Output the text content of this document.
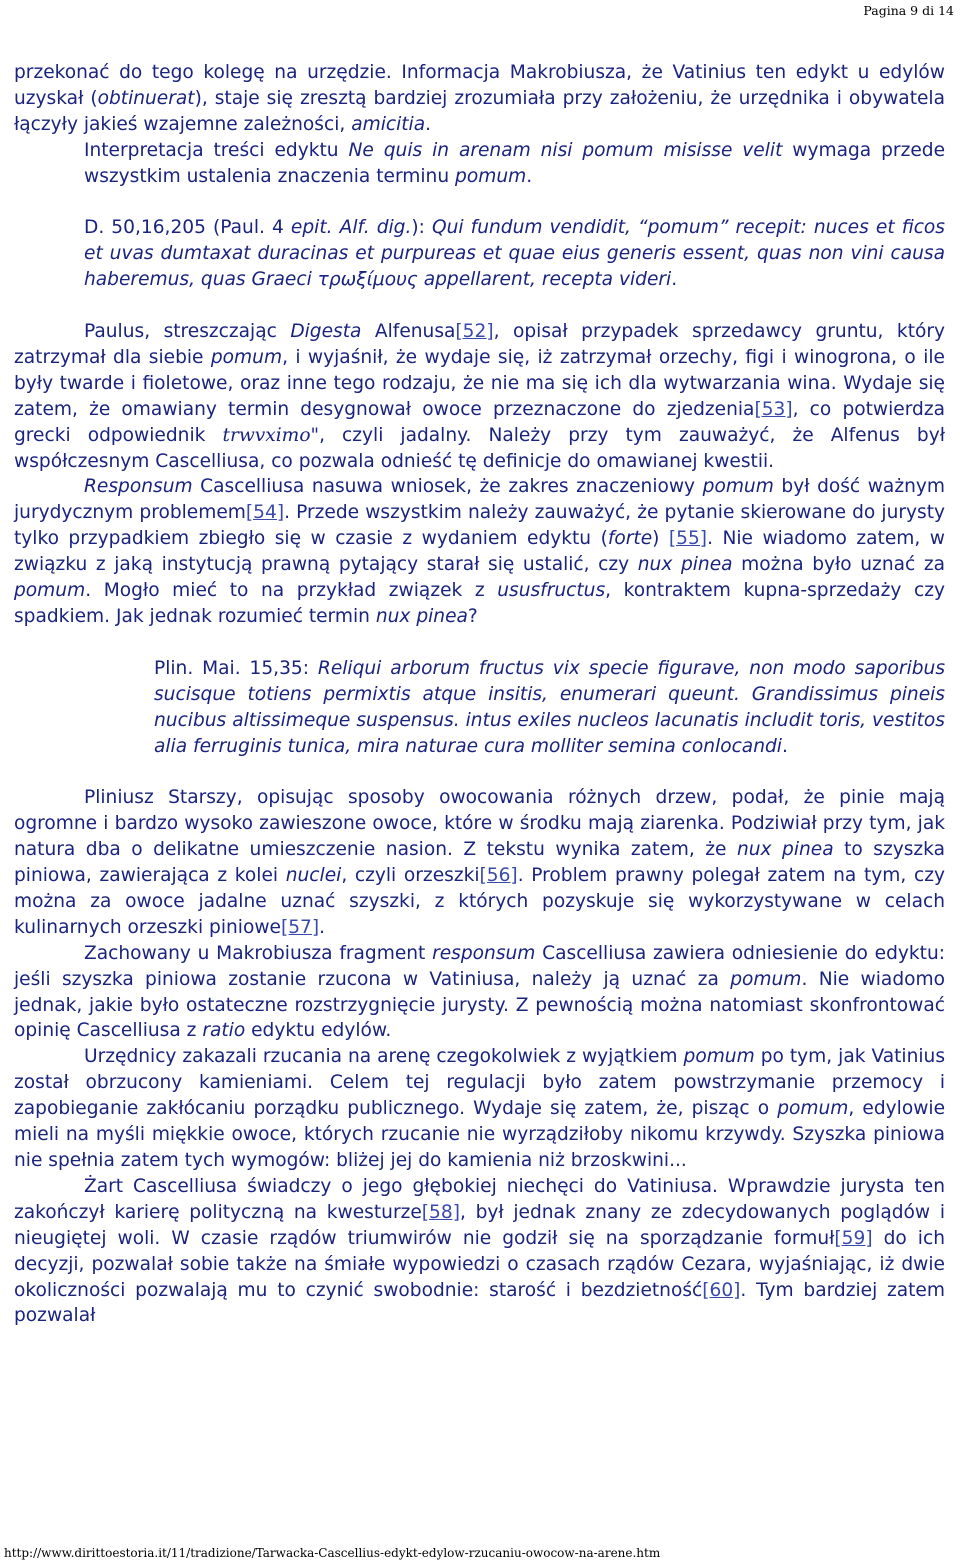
Pagina 9 di 14

przekonać do tego kolegę na urzędzie. Informacja Makrobiusza, że Vatinius ten edykt u edylów uzyskał (obtinuerat), staje się zresztą bardziej zrozumiała przy założeniu, że urzędnika i obywatela łączyły jakieś wzajemne zależności, amicitia.

Interpretacja treści edyktu Ne quis in arenam nisi pomum misisse velit wymaga przede wszystkim ustalenia znaczenia terminu pomum.

D. 50,16,205 (Paul. 4 epit. Alf. dig.): Qui fundum vendidit, “pomum” recepit: nuces et ficos et uvas dumtaxat duracinas et purpureas et quae eius generis essent, quas non vini causa haberemus, quas Graeci τρωξίμους appellarent, recepta videri.

Paulus, streszczając Digesta Alfenusa[52], opisał przypadek sprzedawcy gruntu, który zatrzymał dla siebie pomum, i wyjaśnił, że wydaje się, iż zatrzymał orzechy, figi i winogrona, o ile były twarde i fioletowe, oraz inne tego rodzaju, że nie ma się ich dla wytwarzania wina. Wydaje się zatem, że omawiany termin desygnował owoce przeznaczone do zjedzenia[53], co potwierdza grecki odpowiednik trwvximo", czyli jadalny. Należy przy tym zauważyć, że Alfenus był współczesnym Cascelliusa, co pozwala odnieść tę definicje do omawianej kwestii.

Responsum Cascelliusa nasuwa wniosek, że zakres znaczeniowy pomum był dość ważnym jurydycznym problemem[54]. Przede wszystkim należy zauważyć, że pytanie skierowane do jurysty tylko przypadkiem zbiegło się w czasie z wydaniem edyktu (forte) [55]. Nie wiadomo zatem, w związku z jaką instytucją prawną pytający starał się ustalić, czy nux pinea można było uznać za pomum. Mogło mieć to na przykład związek z ususfructus, kontraktem kupna-sprzedaży czy spadkiem. Jak jednak rozumieć termin nux pinea?

Plin. Mai. 15,35: Reliqui arborum fructus vix specie figurave, non modo saporibus sucisque totiens permixtis atque insitis, enumerari queunt. Grandissimus pineis nucibus altissimeque suspensus. intus exiles nucleos lacunatis includit toris, vestitos alia ferruginis tunica, mira naturae cura molliter semina conlocandi.

Pliniusz Starszy, opisując sposoby owocowania różnych drzew, podał, że pinie mają ogromne i bardzo wysoko zawieszone owoce, które w środku mają ziarenka. Podziwiał przy tym, jak natura dba o delikatne umieszczenie nasion. Z tekstu wynika zatem, że nux pinea to szyszka piniowa, zawierająca z kolei nuclei, czyli orzeszki[56]. Problem prawny polegał zatem na tym, czy można za owoce jadalne uznać szyszki, z których pozyskuje się wykorzystywane w celach kulinarnych orzeszki piniowe[57].

Zachowany u Makrobiusza fragment responsum Cascelliusa zawiera odniesienie do edyktu: jeśli szyszka piniowa zostanie rzucona w Vatiniusa, należy ją uznać za pomum. Nie wiadomo jednak, jakie było ostateczne rozstrzygnięcie jurysty. Z pewnością można natomiast skonfrontować opinię Cascelliusa z ratio edyktu edylów.

Urzędnicy zakazali rzucania na arenę czegokolwiek z wyjątkiem pomum po tym, jak Vatinius został obrzucony kamieniami. Celem tej regulacji było zatem powstrzymanie przemocy i zapobieganie zakłócaniu porządku publicznego. Wydaje się zatem, że, pisząc o pomum, edylowie mieli na myśli miękkie owoce, których rzucanie nie wyrządziłoby nikomu krzywdy. Szyszka piniowa nie spełnia zatem tych wymogów: bliżej jej do kamienia niż brzoskwini...

Żart Cascelliusa świadczy o jego głębokiej niechęci do Vatiniusa. Wprawdzie jurysta ten zakończył karierę polityczną na kwesturze[58], był jednak znany ze zdecydowanych poglądów i nieugiętej woli. W czasie rządów triumwirów nie godził się na sporządzanie formuł[59] do ich decyzji, pozwalał sobie także na śmiałe wypowiedzi o czasach rządów Cezara, wyjaśniając, iż dwie okoliczności pozwalają mu to czynić swobodnie: starość i bezdzietność[60]. Tym bardziej zatem pozwalał

http://www.dirittoestoria.it/11/tradizione/Tarwacka-Cascellius-edykt-edylow-rzucaniu-owocow-na-arene.htm
